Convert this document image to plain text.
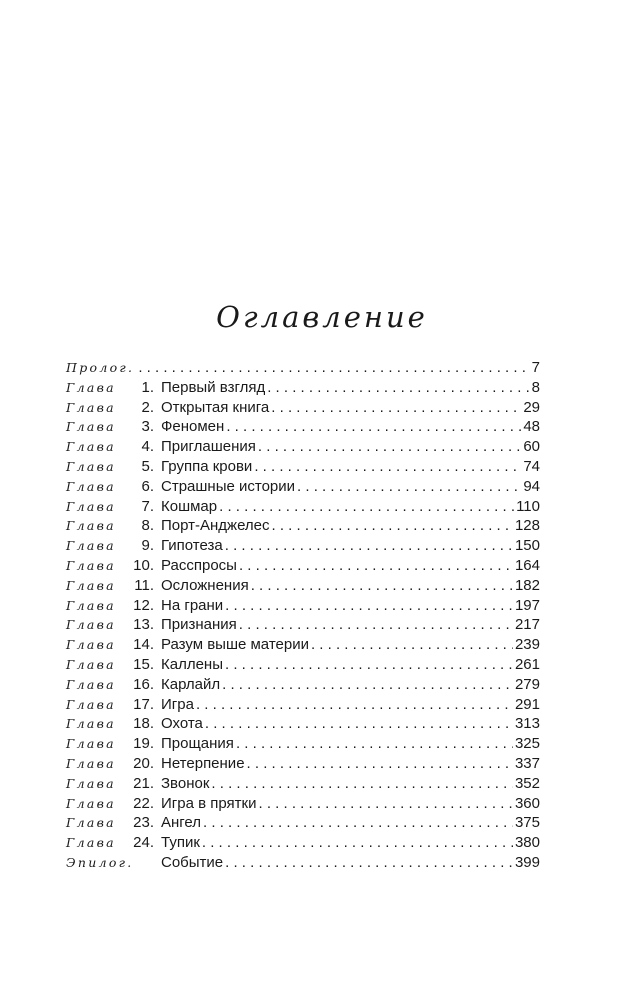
Оглавление
Пролог. . . .	7
Глава	1. Первый взгляд . . .	8
Глава	2. Открытая книга . . .	29
Глава	3. Феномен . . .	48
Глава	4. Приглашения . . .	60
Глава	5. Группа крови . . .	74
Глава	6. Страшные истории . . .	94
Глава	7. Кошмар . . .	110
Глава	8. Порт-Анджелес . . .	128
Глава	9. Гипотеза . . .	150
Глава	10. Расспросы . . .	164
Глава	11. Осложнения . . .	182
Глава	12. На грани . . .	197
Глава	13. Признания . . .	217
Глава	14. Разум выше материи . . .	239
Глава	15. Каллены . . .	261
Глава	16. Карлайл . . .	279
Глава	17. Игра . . .	291
Глава	18. Охота . . .	313
Глава	19. Прощания . . .	325
Глава	20. Нетерпение . . .	337
Глава	21. Звонок . . .	352
Глава	22. Игра в прятки . . .	360
Глава	23. Ангел . . .	375
Глава	24. Тупик . . .	380
Эпилог. Событие . . .	399
